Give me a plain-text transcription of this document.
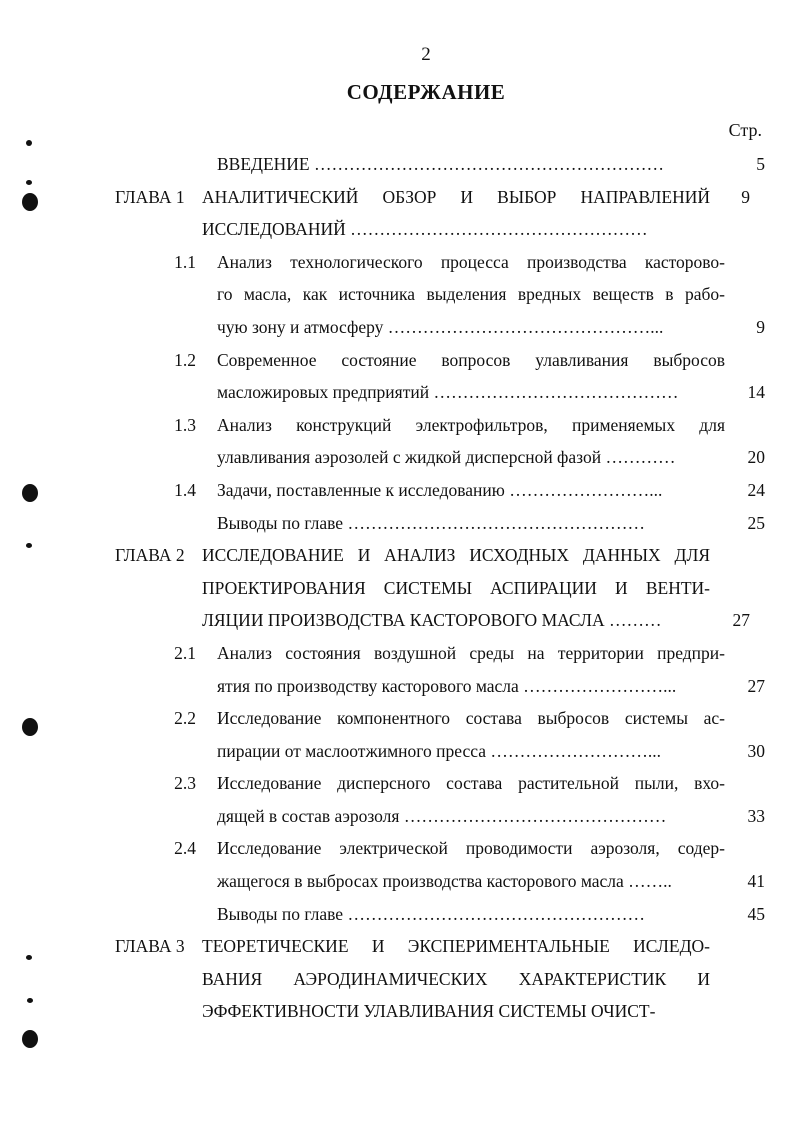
2
СОДЕРЖАНИЕ
Стр.
ВВЕДЕНИЕ ……………………………………………………	5
ГЛАВА 1 АНАЛИТИЧЕСКИЙ ОБЗОР И ВЫБОР НАПРАВЛЕНИЙ	9
ИССЛЕДОВАНИЙ ……………………………………………
1.1	Анализ технологического процесса производства касторово-
го масла, как источника выделения вредных веществ в рабо-
чую зону и атмосферу ………………………………………...	9
1.2	Современное состояние вопросов улавливания выбросов
масложировых предприятий ……………………………………	14
1.3	Анализ конструкций электрофильтров, применяемых для
улавливания аэрозолей с жидкой дисперсной фазой …………	20
1.4	Задачи, поставленные к исследованию ……………………...	24
Выводы по главе ……………………………………………	25
ГЛАВА 2 ИССЛЕДОВАНИЕ И АНАЛИЗ ИСХОДНЫХ ДАННЫХ ДЛЯ
ПРОЕКТИРОВАНИЯ СИСТЕМЫ АСПИРАЦИИ И ВЕНТИ-
ЛЯЦИИ ПРОИЗВОДСТВА КАСТОРОВОГО МАСЛА ………	27
2.1	Анализ состояния воздушной среды на территории предпри-
ятия по производству касторового масла ……………………...	27
2.2	Исследование компонентного состава выбросов системы ас-
пирации от маслоотжимного пресса ………………………...	30
2.3	Исследование дисперсного состава растительной пыли, вхо-
дящей в состав аэрозоля ………………………………………	33
2.4	Исследование электрической проводимости аэрозоля, содер-
жащегося в выбросах производства касторового масла ……..	41
Выводы по главе ……………………………………………	45
ГЛАВА 3 ТЕОРЕТИЧЕСКИЕ И ЭКСПЕРИМЕНТАЛЬНЫЕ ИСЛЕДО-
ВАНИЯ АЭРОДИНАМИЧЕСКИХ ХАРАКТЕРИСТИК И
ЭФФЕКТИВНОСТИ УЛАВЛИВАНИЯ СИСТЕМЫ ОЧИСТ-
